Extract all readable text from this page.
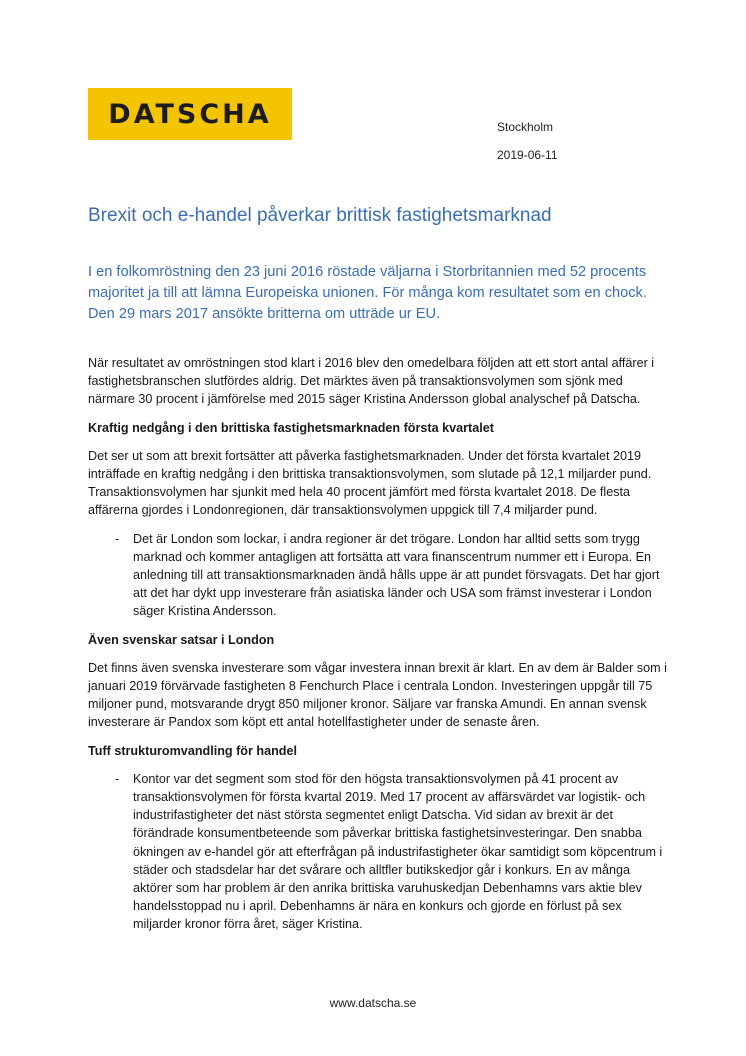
DATSCHA	Stockholm
2019-06-11
Brexit och e-handel påverkar brittisk fastighetsmarknad

I en folkomröstning den 23 juni 2016 röstade väljarna i Storbritannien med 52 procents majoritet ja till att lämna Europeiska unionen. För många kom resultatet som en chock. Den 29 mars 2017 ansökte britterna om utträde ur EU.

När resultatet av omröstningen stod klart i 2016 blev den omedelbara följden att ett stort antal affärer i fastighetsbranschen slutfördes aldrig. Det märktes även på transaktionsvolymen som sjönk med närmare 30 procent i jämförelse med 2015 säger Kristina Andersson global analyschef på Datscha.

Kraftig nedgång i den brittiska fastighetsmarknaden första kvartalet

Det ser ut som att brexit fortsätter att påverka fastighetsmarknaden. Under det första kvartalet 2019 inträffade en kraftig nedgång i den brittiska transaktionsvolymen, som slutade på 12,1 miljarder pund. Transaktionsvolymen har sjunkit med hela 40 procent jämfört med första kvartalet 2018. De flesta affärerna gjordes i Londonregionen, där transaktionsvolymen uppgick till 7,4 miljarder pund.

-	Det är London som lockar, i andra regioner är det trögare. London har alltid setts som trygg marknad och kommer antagligen att fortsätta att vara finanscentrum nummer ett i Europa. En anledning till att transaktionsmarknaden ändå hålls uppe är att pundet försvagats. Det har gjort att det har dykt upp investerare från asiatiska länder och USA som främst investerar i London säger Kristina Andersson.
Även svenskar satsar i London

Det finns även svenska investerare som vågar investera innan brexit är klart. En av dem är Balder som i januari 2019 förvärvade fastigheten 8 Fenchurch Place i centrala London. Investeringen uppgår till 75 miljoner pund, motsvarande drygt 850 miljoner kronor. Säljare var franska Amundi. En annan svensk investerare är Pandox som köpt ett antal hotellfastigheter under de senaste åren.

Tuff strukturomvandling för handel
-	Kontor var det segment som stod för den högsta transaktionsvolymen på 41 procent av transaktionsvolymen för första kvartal 2019. Med 17 procent av affärsvärdet var logistik- och industrifastigheter det näst största segmentet enligt Datscha. Vid sidan av brexit är det förändrade konsumentbeteende som påverkar brittiska fastighetsinvesteringar. Den snabba ökningen av e-handel gör att efterfrågan på industrifastigheter ökar samtidigt som köpcentrum i städer och stadsdelar har det svårare och alltfler butikskedjor går i konkurs. En av många aktörer som har problem är den anrika brittiska varuhuskedjan Debenhamns vars aktie blev handelsstoppad nu i april. Debenhamns är nära en konkurs och gjorde en förlust på sex miljarder kronor förra året, säger Kristina.
www.datscha.se
